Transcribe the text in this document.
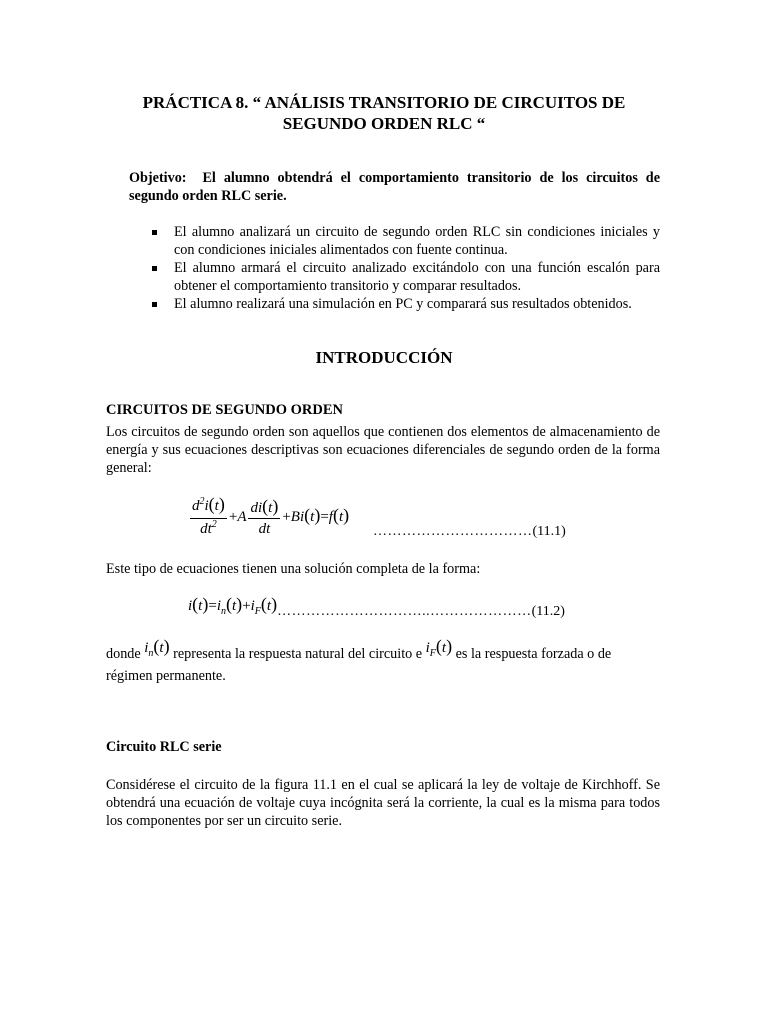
PRÁCTICA 8. “ ANÁLISIS TRANSITORIO DE CIRCUITOS DE
SEGUNDO ORDEN RLC “
Objetivo: El alumno obtendrá el comportamiento transitorio de los circuitos de segundo orden RLC serie.
El alumno analizará un circuito de segundo orden RLC sin condiciones iniciales y con condiciones iniciales alimentados con fuente continua.
El alumno armará el circuito analizado excitándolo con una función escalón para obtener el comportamiento transitorio y comparar resultados.
El alumno realizará una simulación en PC y comparará sus resultados obtenidos.
INTRODUCCIÓN
CIRCUITOS DE SEGUNDO ORDEN
Los circuitos de segundo orden son aquellos que contienen dos elementos de almacenamiento de energía y sus ecuaciones descriptivas son ecuaciones diferenciales de segundo orden de la forma general:
$\frac{d^2i(t)}{dt^2} +A \frac{di(t)}{dt} +Bi(t)=f(t)$
……………………………(11.1)
Este tipo de ecuaciones tienen una solución completa de la forma:
$i(t)=i_n(t)+i_F(t)\dots\dots\dots\dots\dots\dots\dots\dots\dots\dots..\dots\dots\dots\dots\dots\dots\dots(11.2)$
donde $i_n(t)$ representa la respuesta natural del circuito e $i_F(t)$ es la respuesta forzada o de
régimen permanente.
Circuito RLC serie
Considérese el circuito de la figura 11.1 en el cual se aplicará la ley de voltaje de Kirchhoff. Se obtendrá una ecuación de voltaje cuya incógnita será la corriente, la cual es la misma para todos los componentes por ser un circuito serie.
